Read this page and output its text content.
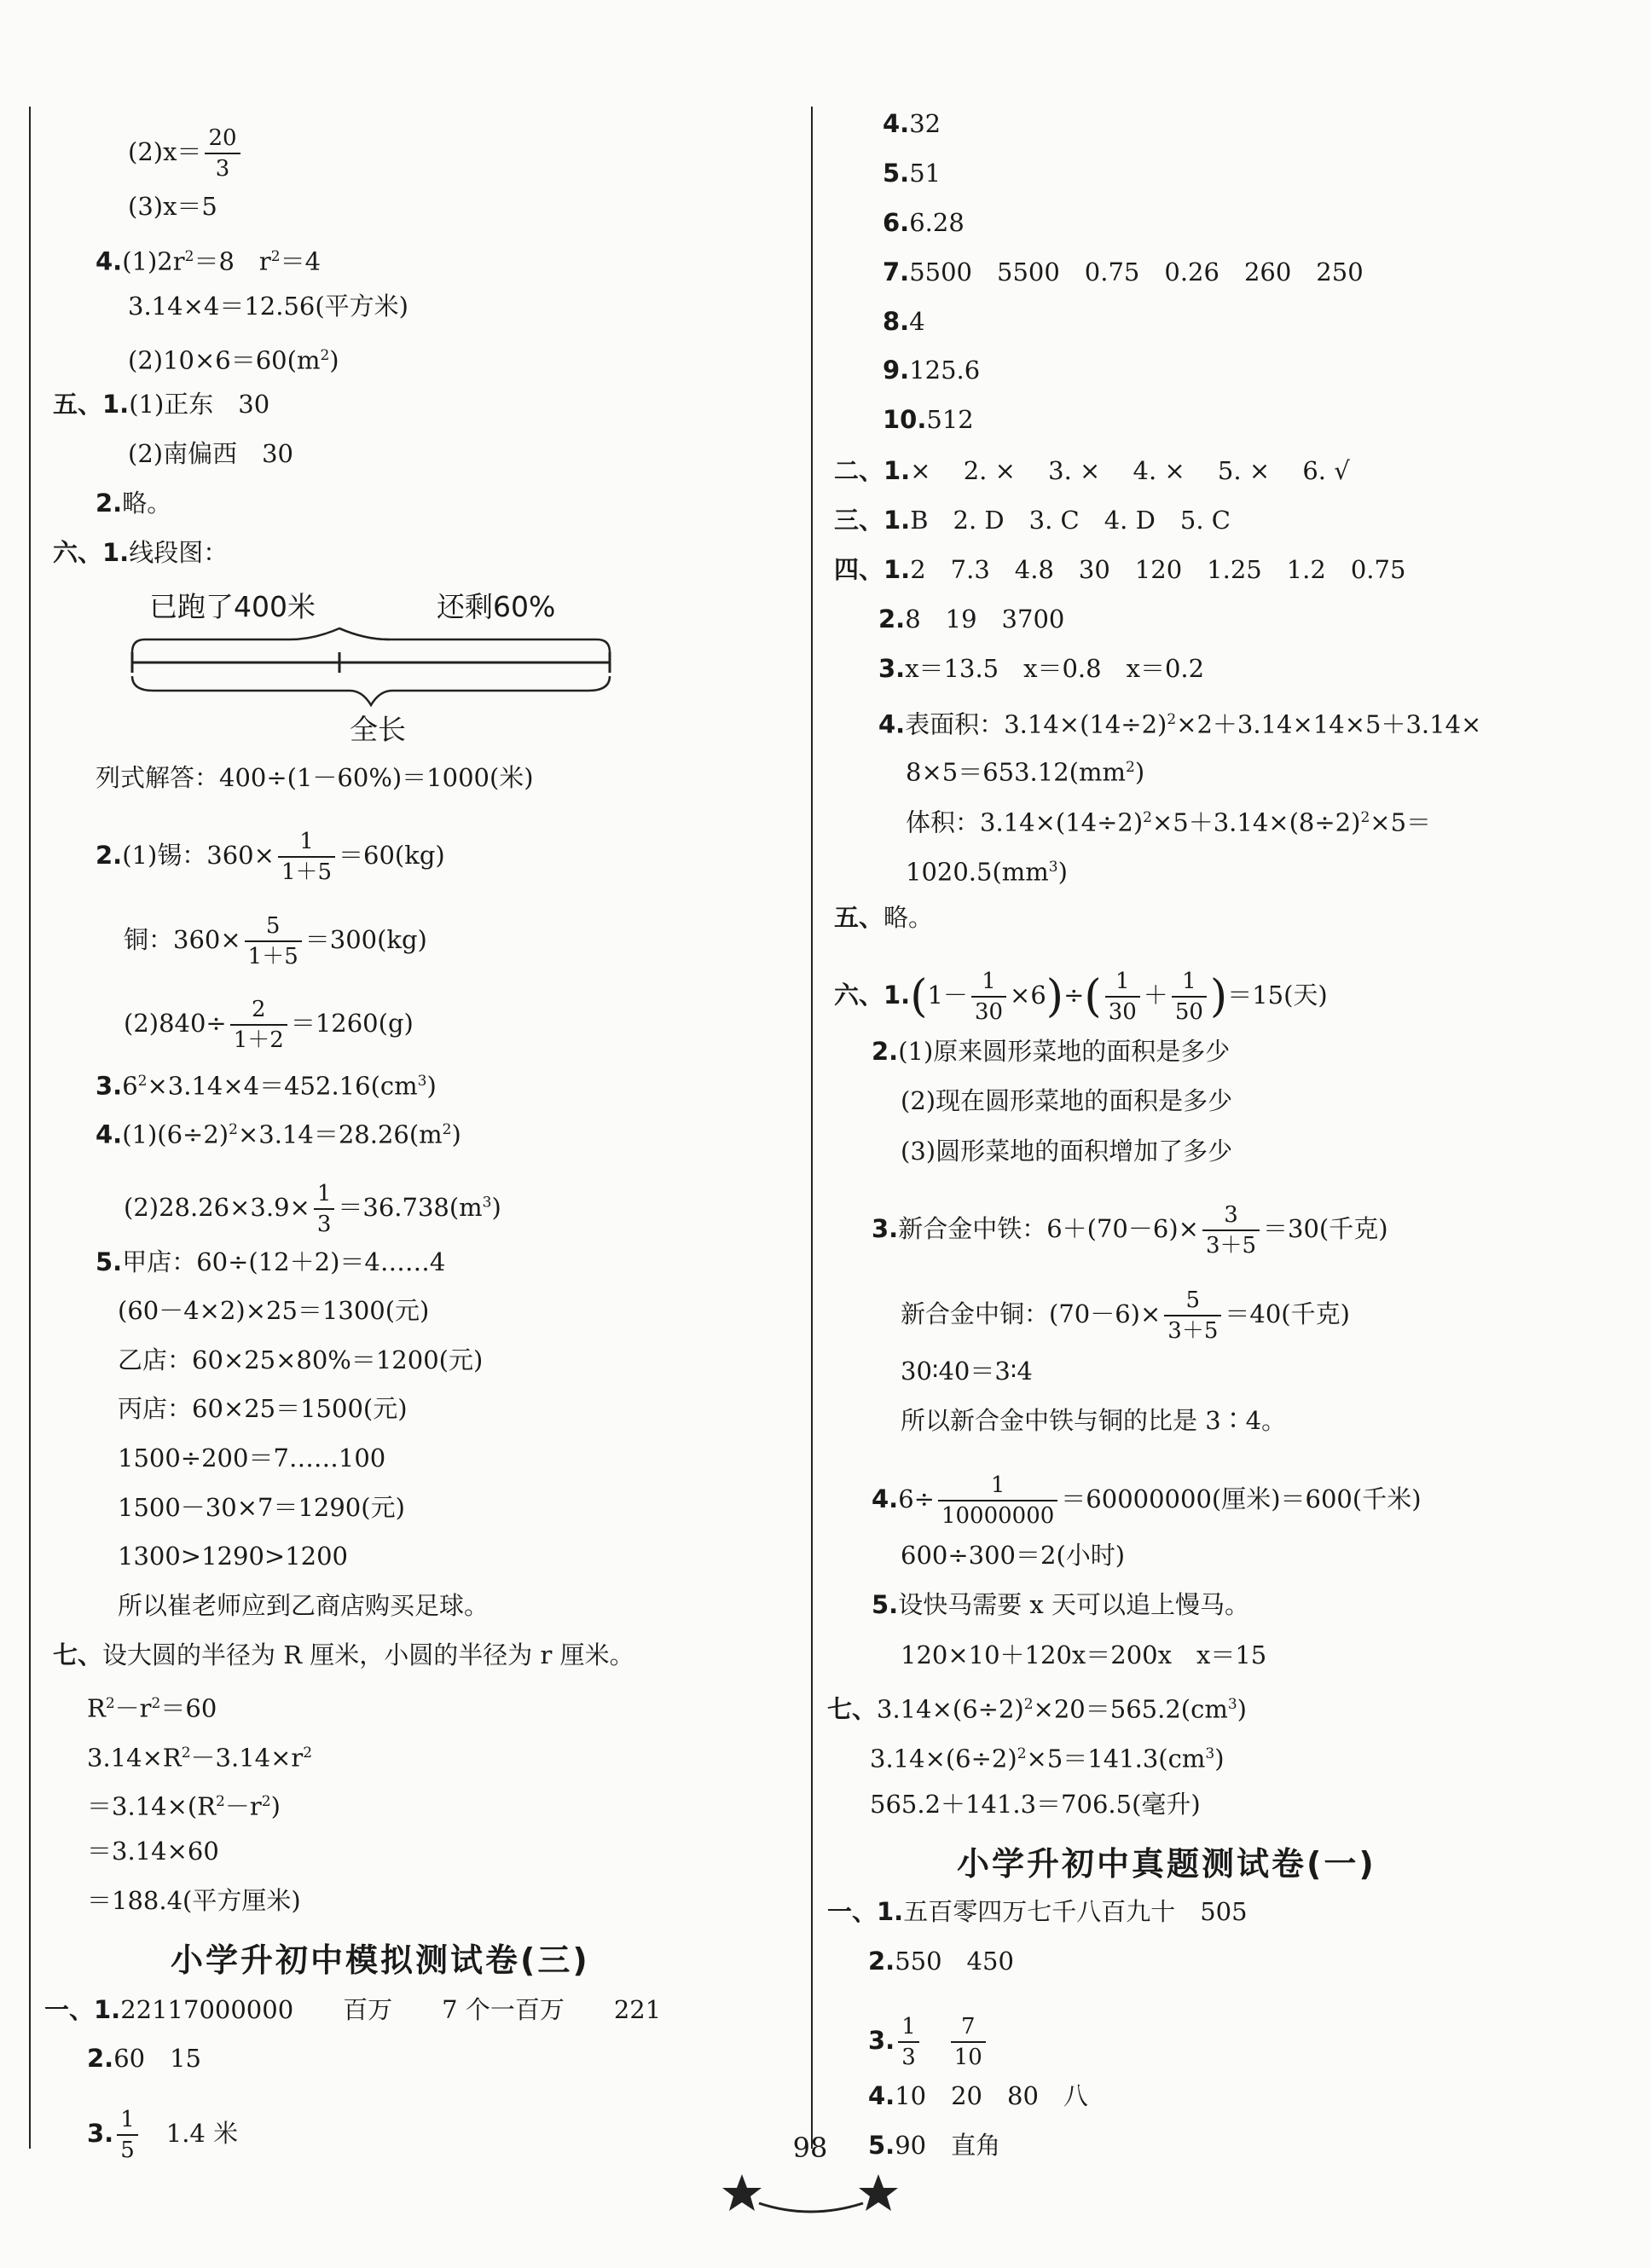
$(2)x= \frac{20}{3}$
(3)x＝5
$4.(1)2r^2=8$　$r^2=4$
3.14×4＝12.56(平方米)
$(2)10\times 6=60(m^2)$
五、1.(1)正东　30
(2)南偏西　30
2.略。
六、1.线段图：
已跑了400米	还剩60%
全长
列式解答：400÷(1－60%)＝1000(米)
2.(1)锡：$360\times \frac{1}{1+5} =60(kg)$
铜：$360\times \frac{5}{1+5} =300(kg)$
$(2)840\div \frac{2}{1+2} =1260(g)$
$3.6^2\times 3.14\times 4=452.16(cm^3)$
$4.(1)(6\div 2)^2\times 3.14=28.26(m^2)$
$(2)28.26\times 3.9\times \frac{1}{3} =36.738(m^3)$
5.甲店：60÷(12＋2)＝4……4
(60－4×2)×25＝1300(元)
乙店：60×25×80%＝1200(元)
丙店：60×25＝1500(元)
1500÷200＝7……100
1500－30×7＝1290(元)
1300>1290>1200
所以崔老师应到乙商店购买足球。
七、设大圆的半径为 R 厘米，小圆的半径为 r 厘米。
$R^2-r^2=60$
$3.14\times R^2-3.14\times r^2$
$=3.14\times(R^2-r^2)$
＝3.14×60
＝188.4(平方厘米)
小学升初中模拟测试卷(三)
一、1.22117000000　　百万　　7 个一百万　　221
2.60　15
3. $\frac{1}{5}$
　 1.4 米
4.32
5.51
6.6.28
7.5500　5500　0.75　0.26　260　250
8.4
9.125.6
10.512
二、1.×　 2. ×　 3. ×　 4. ×　 5. ×　 6. √
三、1.B　2. D　3. C　4. D　5. C
四、1.2　7.3　4.8　30　120　1.25　1.2　0.75
2.8　19　3700
3.x＝13.5　x＝0.8　x＝0.2
4.表面积：$3.14\times(14\div 2)^2\times 2+3.14\times 14\times 5+3.14\times$
$8\times 5=653.12(mm^2)$
体积：$3.14\times(14\div 2)^2\times 5+3.14\times(8\div 2)^2\times 5=$
$1020.5(mm^3)$
五、略。
六、$1.(1- \frac{1}{30} \times 6)\div( \frac{1}{30} + \frac{1}{50} )=15$(天)
2.(1)原来圆形菜地的面积是多少
(2)现在圆形菜地的面积是多少
(3)圆形菜地的面积增加了多少
3.新合金中铁：$6+(70-6)\times \frac{3}{3+5} =30$(千克)
新合金中铜：$(70-6)\times \frac{5}{3+5} =40$(千克)
30∶40＝3∶4
所以新合金中铁与铜的比是 3∶4。
$4.6\div \frac{1}{10000000} =60000000$(厘米)＝600(千米)
600÷300＝2(小时)
5.设快马需要 x 天可以追上慢马。
120×10＋120x＝200x　x＝15
七、$3.14\times(6\div 2)^2\times 20=565.2(cm^3)$
$3.14\times(6\div 2)^2\times 5=141.3(cm^3)$
565.2＋141.3＝706.5(毫升)
小学升初中真题测试卷(一)
一、1.五百零四万七千八百九十　505
2.550　450
3. $\frac{1}{3}$
　 $\frac{7}{10}$
4.10　20　80　八
5.90　直角
98
